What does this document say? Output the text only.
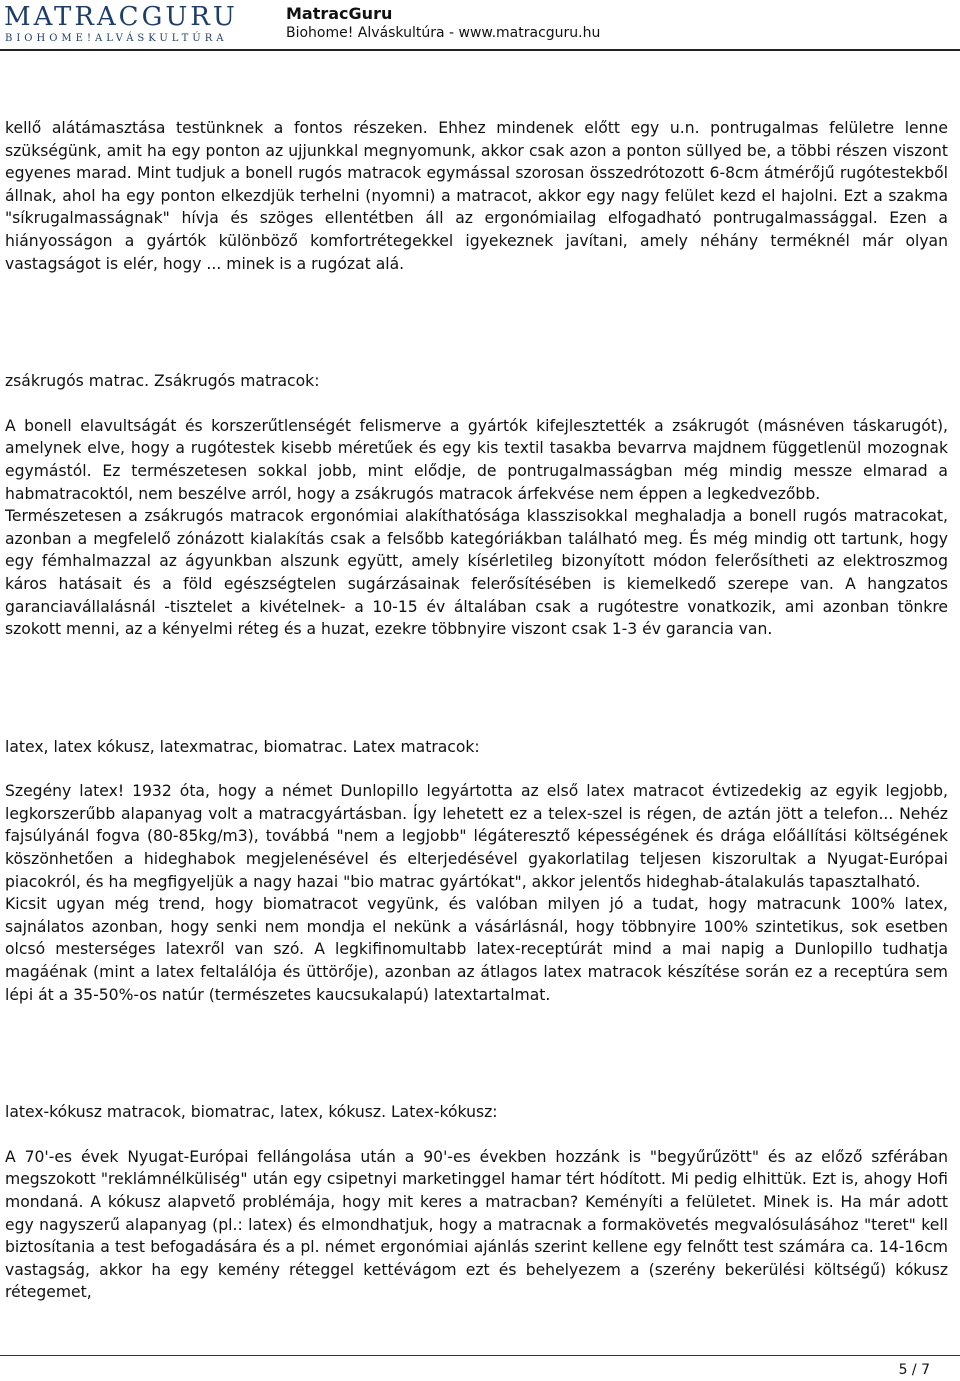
MATRACGURU
BIOHOME!ALVÁSKULTÚRA
MatracGuru
Biohome! Alváskultúra - www.matracguru.hu

kellő alátámasztása testünknek a fontos részeken. Ehhez mindenek előtt egy u.n. pontrugalmas felületre lenne szükségünk, amit ha egy ponton az ujjunkkal megnyomunk, akkor csak azon a ponton süllyed be, a többi részen viszont egyenes marad. Mint tudjuk a bonell rugós matracok egymással szorosan összedrótozott 6-8cm átmérőjű rugótestekből állnak, ahol ha egy ponton elkezdjük terhelni (nyomni) a matracot, akkor egy nagy felület kezd el hajolni. Ezt a szakma "síkrugalmasságnak" hívja és szöges ellentétben áll az ergonómiailag elfogadható pontrugalmassággal. Ezen a hiányosságon a gyártók különböző komfortrétegekkel igyekeznek javítani, amely néhány terméknél már olyan vastagságot is elér, hogy ... minek is a rugózat alá.

zsákrugós matrac. Zsákrugós matracok:

A bonell elavultságát és korszerűtlenségét felismerve a gyártók kifejlesztették a zsákrugót (másnéven táskarugót), amelynek elve, hogy a rugótestek kisebb méretűek és egy kis textil tasakba bevarrva majdnem függetlenül mozognak egymástól. Ez természetesen sokkal jobb, mint elődje, de pontrugalmasságban még mindig messze elmarad a habmatracoktól, nem beszélve arról, hogy a zsákrugós matracok árfekvése nem éppen a legkedvezőbb.

Természetesen a zsákrugós matracok ergonómiai alakíthatósága klasszisokkal meghaladja a bonell rugós matracokat, azonban a megfelelő zónázott kialakítás csak a felsőbb kategóriákban található meg. És még mindig ott tartunk, hogy egy fémhalmazzal az ágyunkban alszunk együtt, amely kísérletileg bizonyított módon felerősítheti az elektroszmog káros hatásait és a föld egészségtelen sugárzásainak felerősítésében is kiemelkedő szerepe van. A hangzatos garanciavállalásnál -tisztelet a kivételnek- a 10-15 év általában csak a rugótestre vonatkozik, ami azonban tönkre szokott menni, az a kényelmi réteg és a huzat, ezekre többnyire viszont csak 1-3 év garancia van.

latex, latex kókusz, latexmatrac, biomatrac. Latex matracok:

Szegény latex! 1932 óta, hogy a német Dunlopillo legyártotta az első latex matracot évtizedekig az egyik legjobb, legkorszerűbb alapanyag volt a matracgyártásban. Így lehetett ez a telex-szel is régen, de aztán jött a telefon... Nehéz fajsúlyánál fogva (80-85kg/m3), továbbá "nem a legjobb" légáteresztő képességének és drága előállítási költségének köszönhetően a hideghabok megjelenésével és elterjedésével gyakorlatilag teljesen kiszorultak a Nyugat-Európai piacokról, és ha megfigyeljük a nagy hazai "bio matrac gyártókat", akkor jelentős hideghab-átalakulás tapasztalható.

Kicsit ugyan még trend, hogy biomatracot vegyünk, és valóban milyen jó a tudat, hogy matracunk 100% latex, sajnálatos azonban, hogy senki nem mondja el nekünk a vásárlásnál, hogy többnyire 100% szintetikus, sok esetben olcsó mesterséges latexről van szó. A legkifinomultabb latex-receptúrát mind a mai napig a Dunlopillo tudhatja magáénak (mint a latex feltalálója és üttörője), azonban az átlagos latex matracok készítése során ez a receptúra sem lépi át a 35-50%-os natúr (természetes kaucsukalapú) latextartalmat.

latex-kókusz matracok, biomatrac, latex, kókusz. Latex-kókusz:

A 70'-es évek Nyugat-Európai fellángolása után a 90'-es években hozzánk is "begyűrűzött" és az előző szférában megszokott "reklámnélküliség" után egy csipetnyi marketinggel hamar tért hódított. Mi pedig elhittük. Ezt is, ahogy Hofi mondaná. A kókusz alapvető problémája, hogy mit keres a matracban? Keményíti a felületet. Minek is. Ha már adott egy nagyszerű alapanyag (pl.: latex) és elmondhatjuk, hogy a matracnak a formakövetés megvalósulásához "teret" kell biztosítania a test befogadására és a pl. német ergonómiai ajánlás szerint kellene egy felnőtt test számára ca. 14-16cm vastagság, akkor ha egy kemény réteggel kettévágom ezt és behelyezem a (szerény bekerülési költségű) kókusz rétegemet,

5 / 7
